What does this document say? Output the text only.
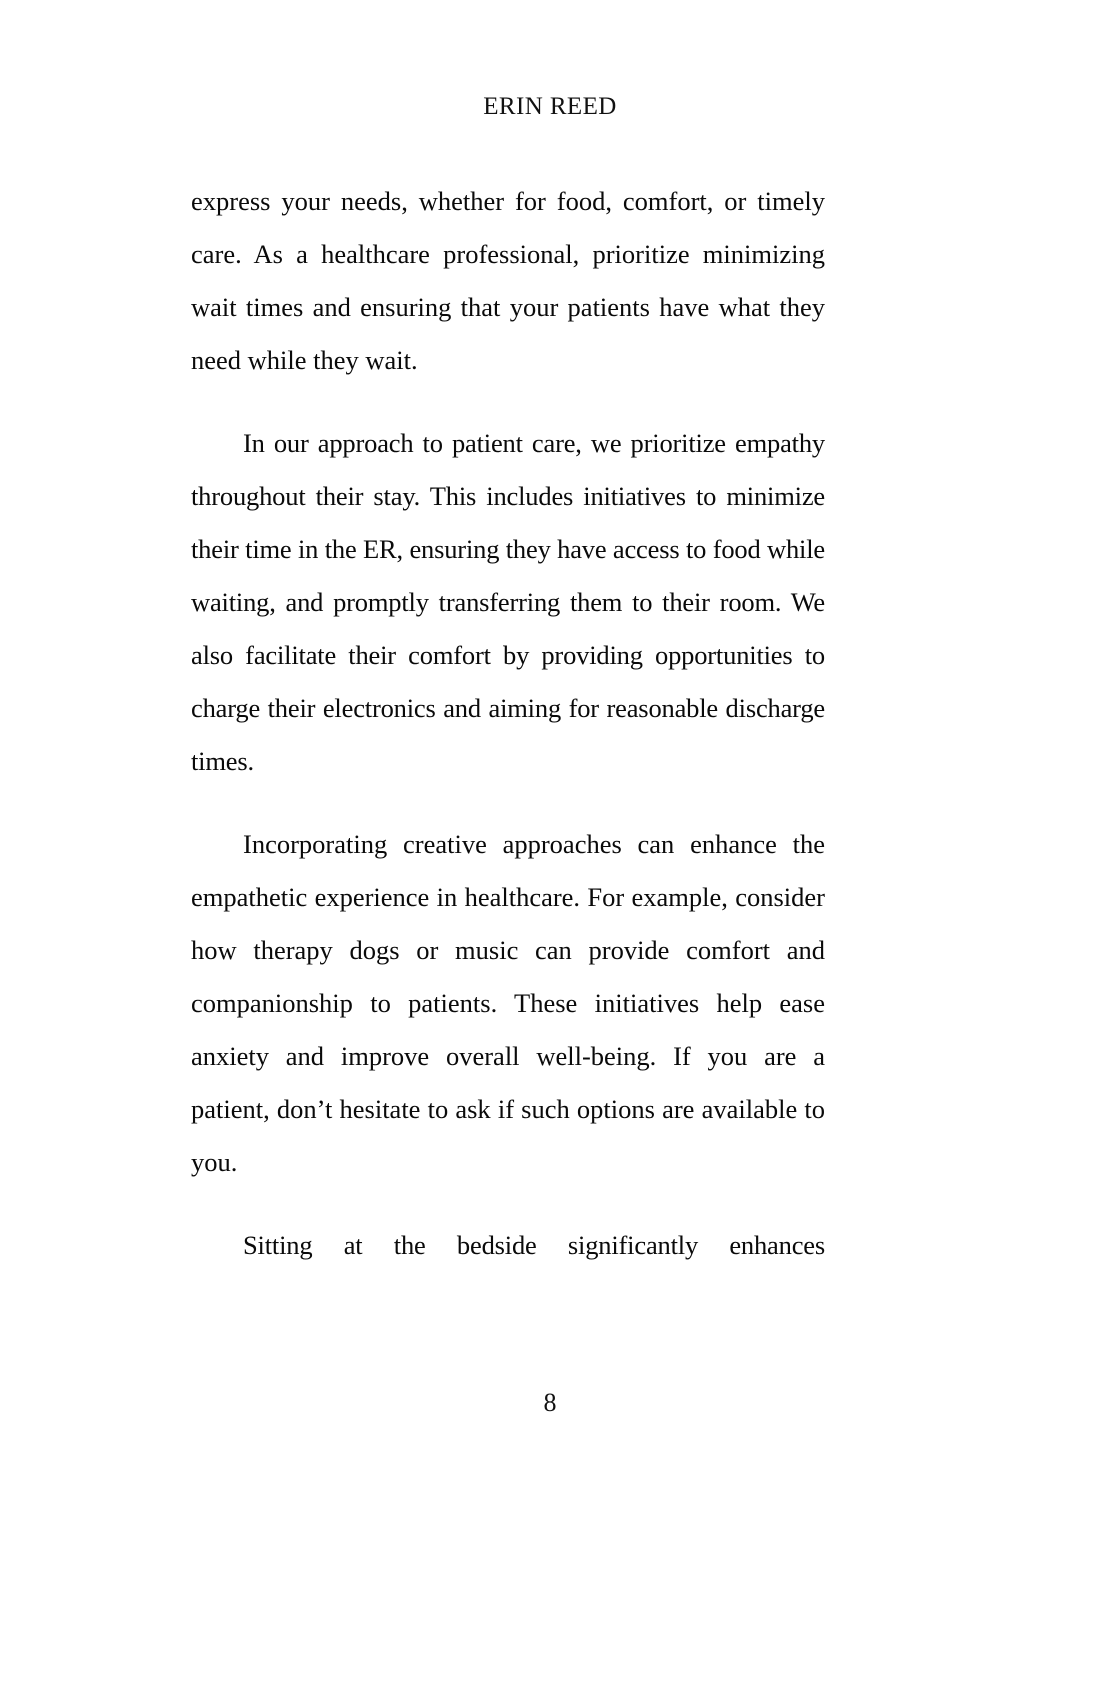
ERIN REED

express your needs, whether for food, comfort, or timely care. As a healthcare professional, prioritize minimizing wait times and ensuring that your patients have what they need while they wait.

In our approach to patient care, we prioritize empathy throughout their stay. This includes initiatives to minimize their time in the ER, ensuring they have access to food while waiting, and promptly transferring them to their room. We also facilitate their comfort by providing opportunities to charge their electronics and aiming for reasonable discharge times.

Incorporating creative approaches can enhance the empathetic experience in healthcare. For example, consider how therapy dogs or music can provide comfort and companionship to patients. These initiatives help ease anxiety and improve overall well-being. If you are a patient, don’t hesitate to ask if such options are available to you.

Sitting at the bedside significantly enhances

8
